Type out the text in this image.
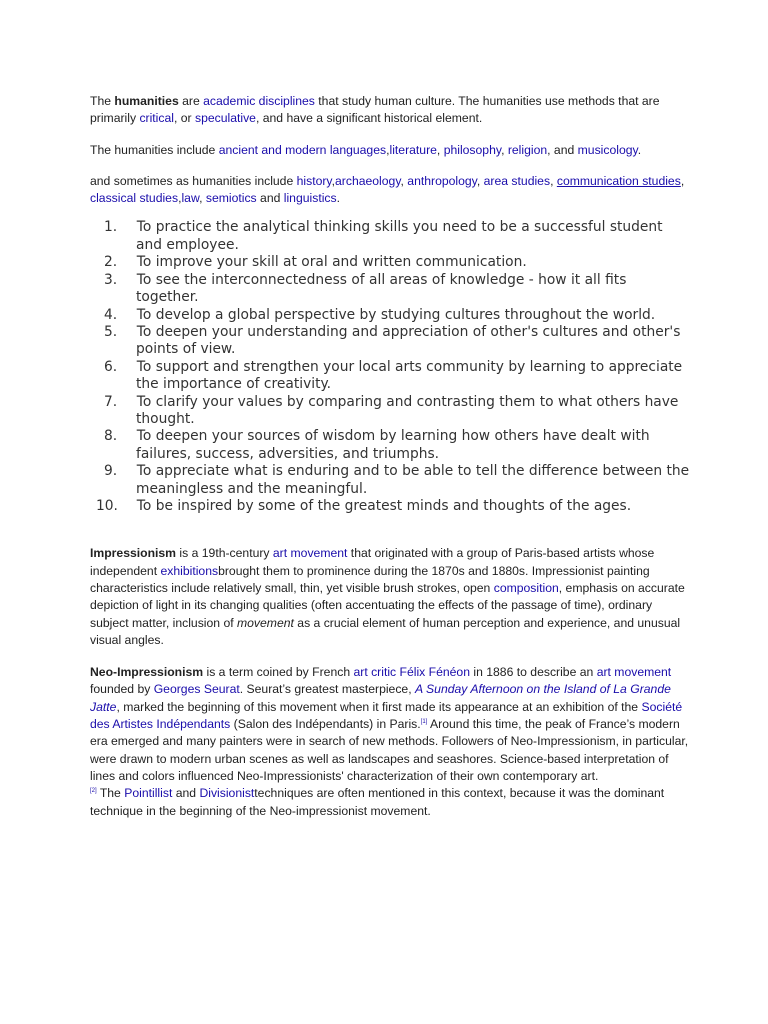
The humanities are academic disciplines that study human culture. The humanities use methods that are primarily critical, or speculative, and have a significant historical element.

The humanities include ancient and modern languages,literature, philosophy, religion, and musicology.

and sometimes as humanities include history,archaeology, anthropology, area studies, communication studies, classical studies,law, semiotics and linguistics.

1.	To practice the analytical thinking skills you need to be a successful student and employee.
2.	To improve your skill at oral and written communication.
3.	To see the interconnectedness of all areas of knowledge - how it all fits together.
4.	To develop a global perspective by studying cultures throughout the world.
5.	To deepen your understanding and appreciation of other's cultures and other's points of view.
6.	To support and strengthen your local arts community by learning to appreciate the importance of creativity.
7.	To clarify your values by comparing and contrasting them to what others have thought.
8.	To deepen your sources of wisdom by learning how others have dealt with failures, success, adversities, and triumphs.
9.	To appreciate what is enduring and to be able to tell the difference between the meaningless and the meaningful.
10.	To be inspired by some of the greatest minds and thoughts of the ages.

Impressionism is a 19th-century art movement that originated with a group of Paris-based artists whose independent exhibitionsbrought them to prominence during the 1870s and 1880s. Impressionist painting characteristics include relatively small, thin, yet visible brush strokes, open composition, emphasis on accurate depiction of light in its changing qualities (often accentuating the effects of the passage of time), ordinary subject matter, inclusion of movement as a crucial element of human perception and experience, and unusual visual angles.

Neo-Impressionism is a term coined by French art critic Félix Fénéon in 1886 to describe an art movement founded by Georges Seurat. Seurat’s greatest masterpiece, A Sunday Afternoon on the Island of La Grande Jatte, marked the beginning of this movement when it first made its appearance at an exhibition of the Société des Artistes Indépendants (Salon des Indépendants) in Paris.[1] Around this time, the peak of France’s modern era emerged and many painters were in search of new methods. Followers of Neo-Impressionism, in particular, were drawn to modern urban scenes as well as landscapes and seashores. Science-based interpretation of lines and colors influenced Neo-Impressionists' characterization of their own contemporary art.
[2] The Pointillist and Divisionisttechniques are often mentioned in this context, because it was the dominant technique in the beginning of the Neo-impressionist movement.
